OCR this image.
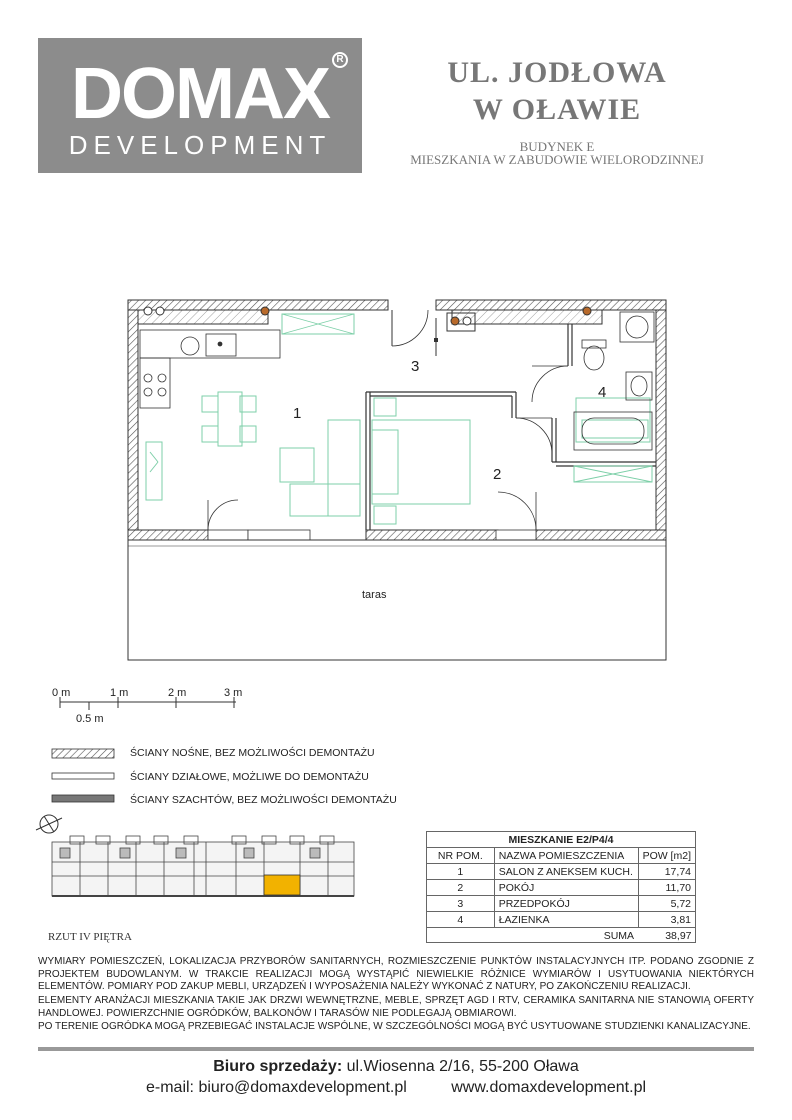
DOMAX
DEVELOPMENT
R	UL. JODŁOWA
W OŁAWIE
BUDYNEK E
MIESZKANIA W ZABUDOWIE WIELORODZINNEJ
1
2
3
4
taras
0 m	1 m	2 m	3 m
0.5 m
ŚCIANY NOŚNE, BEZ MOŻLIWOŚCI DEMONTAŻU
ŚCIANY DZIAŁOWE, MOŻLIWE DO DEMONTAŻU
ŚCIANY SZACHTÓW, BEZ MOŻLIWOŚCI DEMONTAŻU
RZUT IV PIĘTRA
MIESZKANIE E2/P4/4		
NR POM.	NAZWA POMIESZCZENIA	POW [m2]
1	SALON Z ANEKSEM KUCH.	17,74
2	POKÓJ	11,70
3	PRZEDPOKÓJ	5,72
4	ŁAZIENKA	3,81
	SUMA	38,97
WYMIARY POMIESZCZEŃ, LOKALIZACJA PRZYBORÓW SANITARNYCH, ROZMIESZCZENIE PUNKTÓW INSTALACYJNYCH ITP. PODANO ZGODNIE Z PROJEKTEM BUDOWLANYM. W TRAKCIE REALIZACJI MOGĄ WYSTĄPIĆ NIEWIELKIE RÓŻNICE WYMIARÓW I USYTUOWANIA NIEKTÓRYCH ELEMENTÓW. POMIARY POD ZAKUP MEBLI, URZĄDZEŃ I WYPOSAŻENIA NALEŻY WYKONAĆ Z NATURY, PO ZAKOŃCZENIU REALIZACJI.
ELEMENTY ARANŻACJI MIESZKANIA TAKIE JAK DRZWI WEWNĘTRZNE, MEBLE, SPRZĘT AGD I RTV, CERAMIKA SANITARNA NIE STANOWIĄ OFERTY HANDLOWEJ. POWIERZCHNIE OGRÓDKÓW, BALKONÓW I TARASÓW NIE PODLEGAJĄ OBMIAROWI.
PO TERENIE OGRÓDKA MOGĄ PRZEBIEGAĆ INSTALACJE WSPÓLNE, W SZCZEGÓLNOŚCI MOGĄ BYĆ USYTUOWANE STUDZIENKI KANALIZACYJNE.
Biuro sprzedaży: ul.Wiosenna 2/16, 55-200 Oława
e-mail: biuro@domaxdevelopment.pl	www.domaxdevelopment.pl
